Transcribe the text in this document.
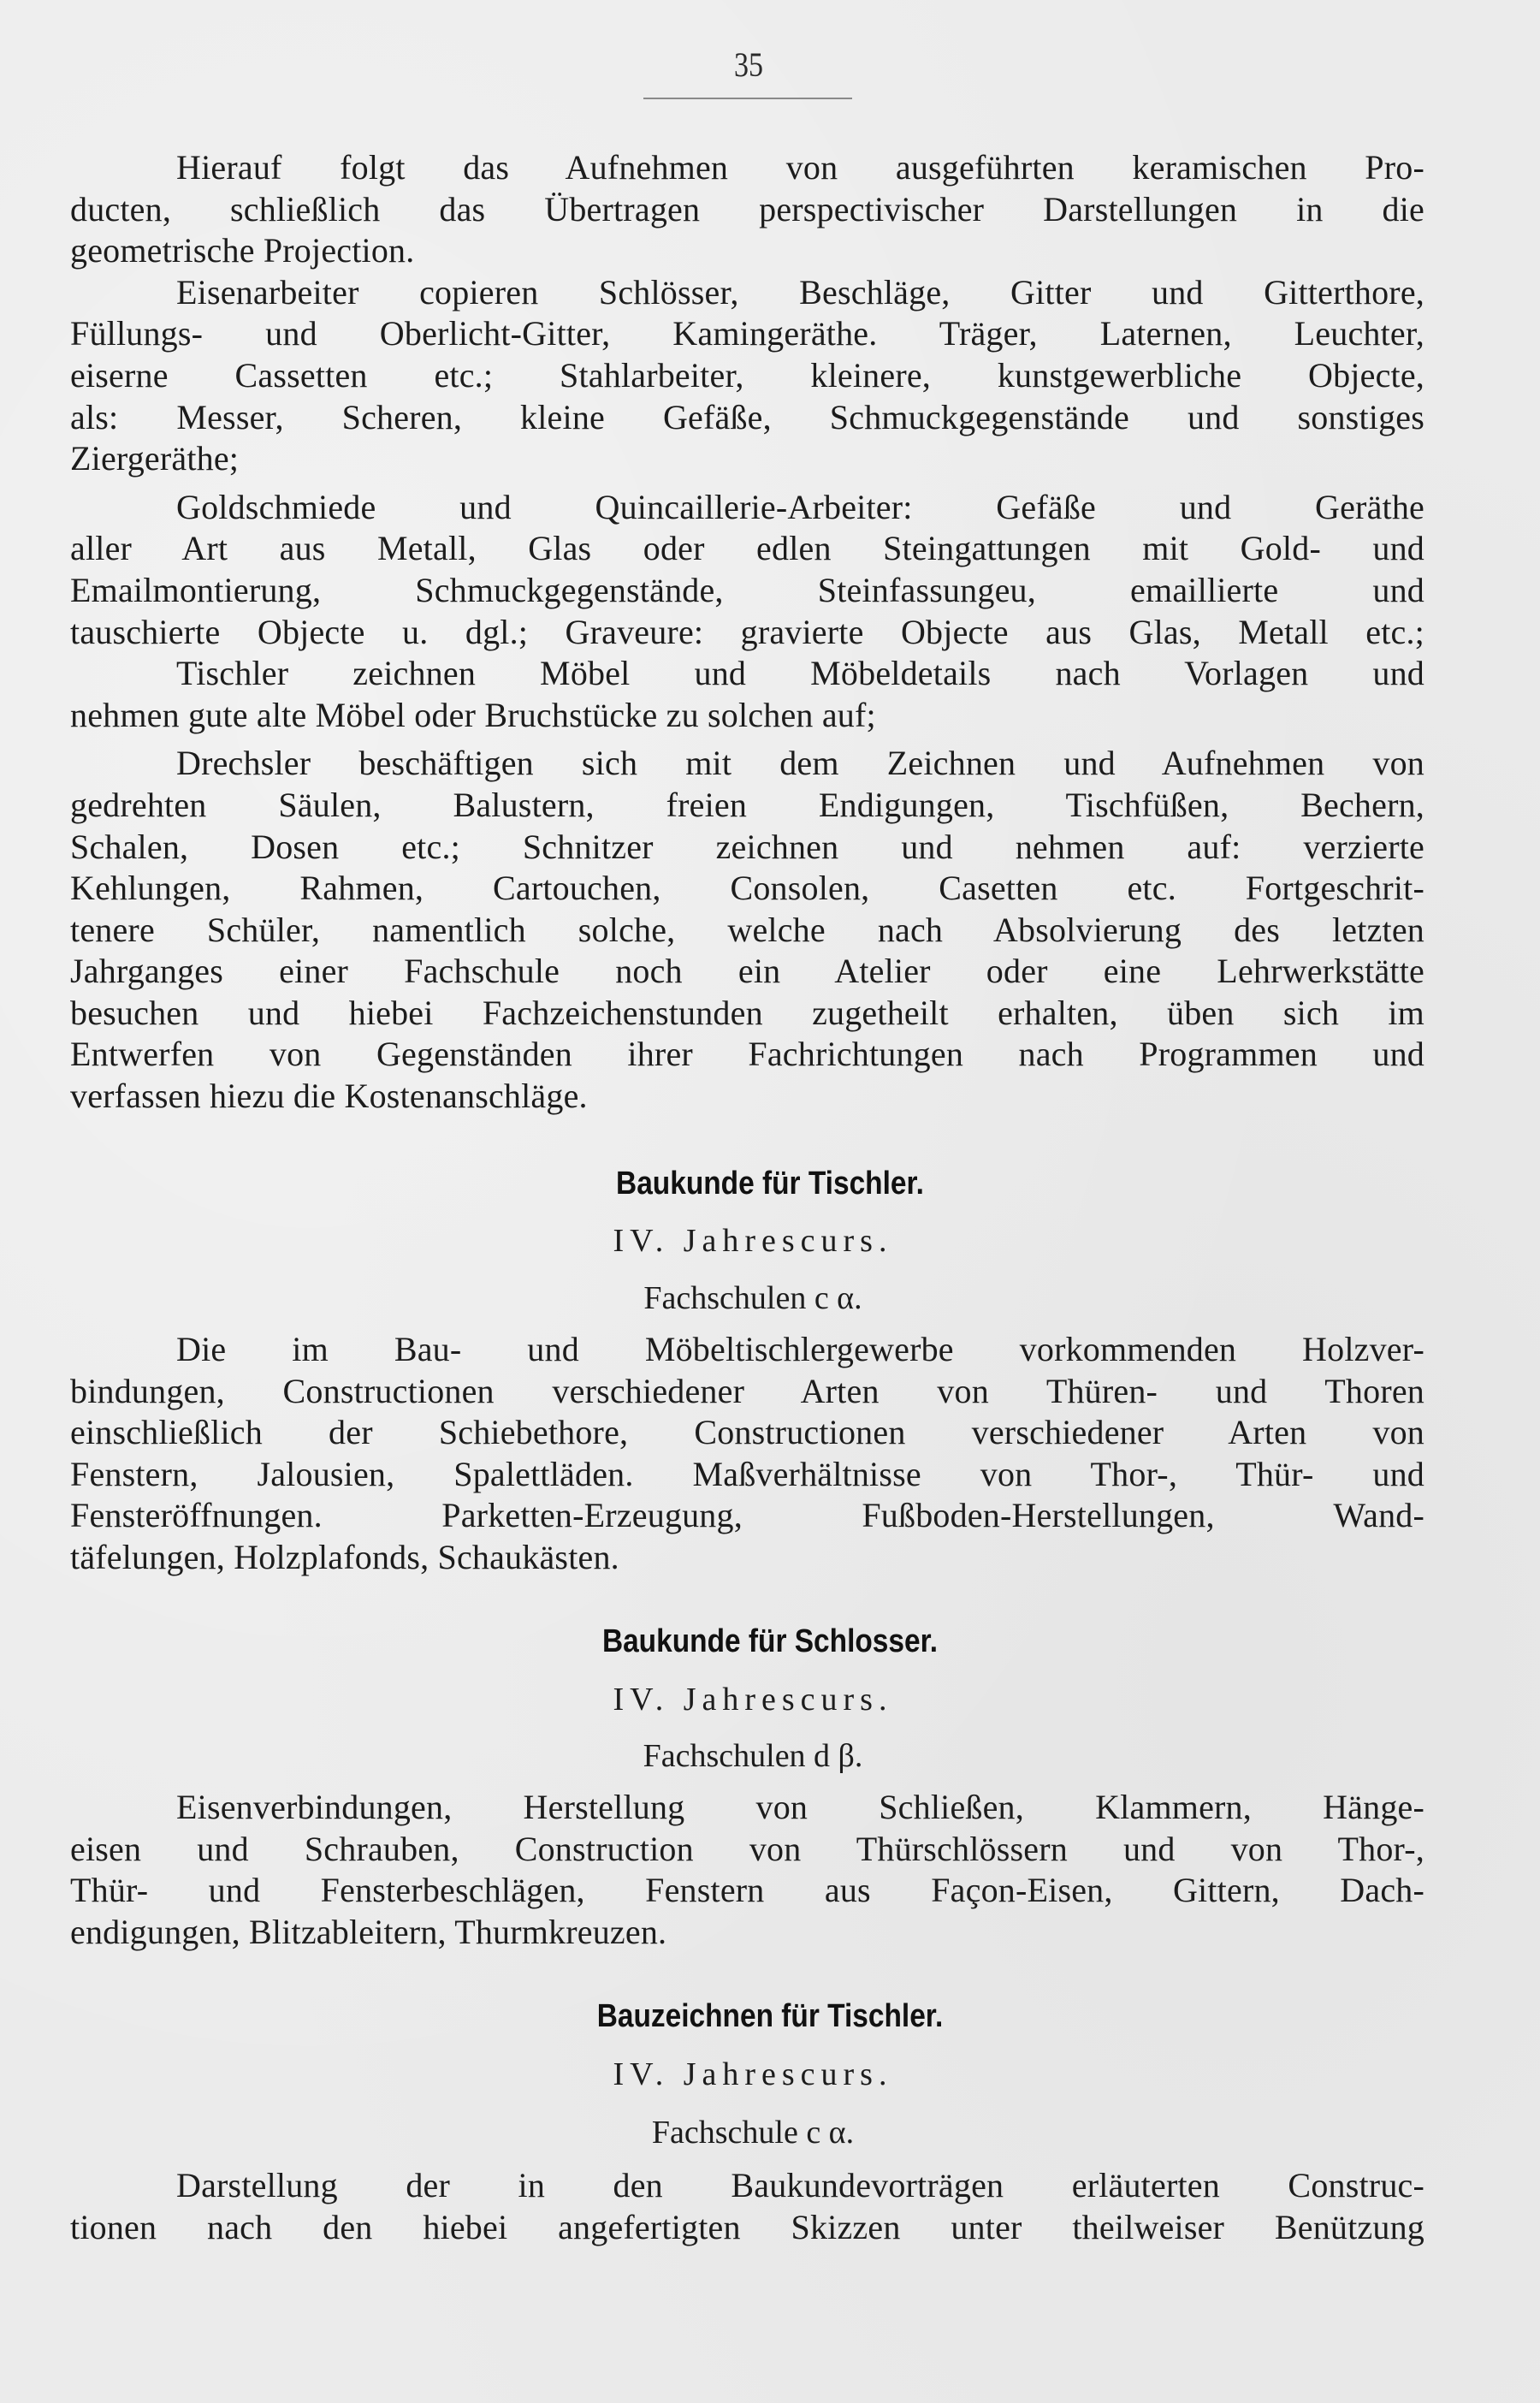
35
Hierauf folgt das Aufnehmen von ausgeführten keramischen Pro-
ducten, schließlich das Übertragen perspectivischer Darstellungen in die
geometrische Projection.
Eisenarbeiter copieren Schlösser, Beschläge, Gitter und Gitterthore,
Füllungs- und Oberlicht-Gitter, Kamingeräthe. Träger, Laternen, Leuchter,
eiserne Cassetten etc.; Stahlarbeiter, kleinere, kunstgewerbliche Objecte,
als: Messer, Scheren, kleine Gefäße, Schmuckgegenstände und sonstiges
Ziergeräthe;
Goldschmiede und Quincaillerie-Arbeiter: Gefäße und Geräthe
aller Art aus Metall, Glas oder edlen Steingattungen mit Gold- und
Emailmontierung, Schmuckgegenstände, Steinfassungeu, emaillierte und
tauschierte Objecte u. dgl.; Graveure: gravierte Objecte aus Glas, Metall etc.;
Tischler zeichnen Möbel und Möbeldetails nach Vorlagen und
nehmen gute alte Möbel oder Bruchstücke zu solchen auf;
Drechsler beschäftigen sich mit dem Zeichnen und Aufnehmen von
gedrehten Säulen, Balustern, freien Endigungen, Tischfüßen, Bechern,
Schalen, Dosen etc.; Schnitzer zeichnen und nehmen auf: verzierte
Kehlungen, Rahmen, Cartouchen, Consolen, Casetten etc. Fortgeschrit-
tenere Schüler, namentlich solche, welche nach Absolvierung des letzten
Jahrganges einer Fachschule noch ein Atelier oder eine Lehrwerkstätte
besuchen und hiebei Fachzeichenstunden zugetheilt erhalten, üben sich im
Entwerfen von Gegenständen ihrer Fachrichtungen nach Programmen und
verfassen hiezu die Kostenanschläge.
Baukunde für Tischler.
IV. Jahrescurs.
Fachschulen c α.
Die im Bau- und Möbeltischlergewerbe vorkommenden Holzver-
bindungen, Constructionen verschiedener Arten von Thüren- und Thoren
einschließlich der Schiebethore, Constructionen verschiedener Arten von
Fenstern, Jalousien, Spalettläden. Maßverhältnisse von Thor-, Thür- und
Fensteröffnungen. Parketten-Erzeugung, Fußboden-Herstellungen, Wand-
täfelungen, Holzplafonds, Schaukästen.
Baukunde für Schlosser.
IV. Jahrescurs.
Fachschulen d β.
Eisenverbindungen, Herstellung von Schließen, Klammern, Hänge-
eisen und Schrauben, Construction von Thürschlössern und von Thor-,
Thür- und Fensterbeschlägen, Fenstern aus Façon-Eisen, Gittern, Dach-
endigungen, Blitzableitern, Thurmkreuzen.
Bauzeichnen für Tischler.
IV. Jahrescurs.
Fachschule c α.
Darstellung der in den Baukundevorträgen erläuterten Construc-
tionen nach den hiebei angefertigten Skizzen unter theilweiser Benützung
